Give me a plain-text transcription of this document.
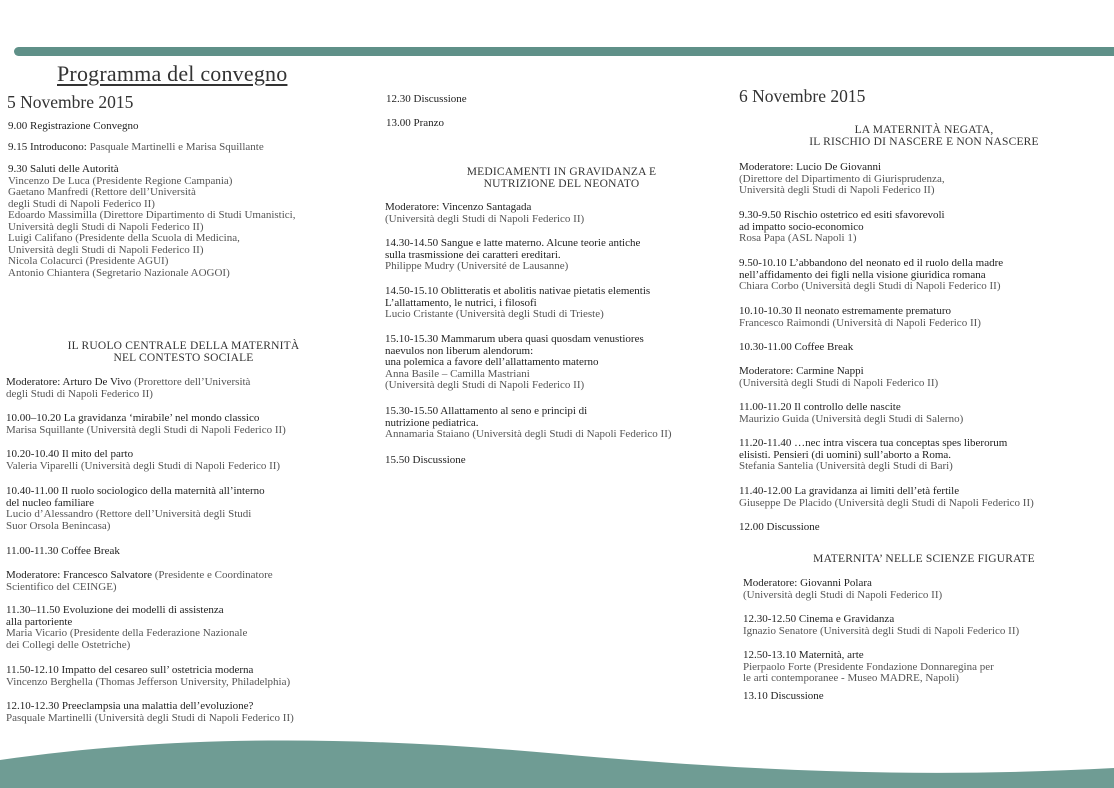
Programma del convegno
5 Novembre 2015
9.00 Registrazione Convegno
9.15 Introducono: Pasquale Martinelli e Marisa Squillante
9.30 Saluti delle Autorità
Vincenzo De Luca (Presidente Regione Campania)
Gaetano Manfredi (Rettore dell’Università
degli Studi di Napoli Federico II)
Edoardo Massimilla (Direttore Dipartimento di Studi Umanistici,
Università degli Studi di Napoli Federico II)
Luigi Califano (Presidente della Scuola di Medicina,
Università degli Studi di Napoli Federico II)
Nicola Colacurci (Presidente AGUI)
Antonio Chiantera (Segretario Nazionale AOGOI)
IL RUOLO CENTRALE DELLA MATERNITÀ
NEL CONTESTO SOCIALE
Moderatore: Arturo De Vivo (Prorettore dell’Università
degli Studi di Napoli Federico II)
10.00–10.20 La gravidanza ‘mirabile’ nel mondo classico
Marisa Squillante (Università degli Studi di Napoli Federico II)
10.20-10.40 Il mito del parto
Valeria Viparelli (Università degli Studi di Napoli Federico II)
10.40-11.00 Il ruolo sociologico della maternità all’interno
del nucleo familiare
Lucio d’Alessandro (Rettore dell’Università degli Studi
Suor Orsola Benincasa)
11.00-11.30 Coffee Break
Moderatore: Francesco Salvatore (Presidente e Coordinatore
Scientifico del CEINGE)
11.30–11.50 Evoluzione dei modelli di assistenza
alla partoriente
Maria Vicario (Presidente della Federazione Nazionale
dei Collegi delle Ostetriche)
11.50-12.10 Impatto del cesareo sull’ ostetricia moderna
Vincenzo Berghella (Thomas Jefferson University, Philadelphia)
12.10-12.30 Preeclampsia una malattia dell’evoluzione?
Pasquale Martinelli (Università degli Studi di Napoli Federico II)
12.30 Discussione
13.00 Pranzo
MEDICAMENTI IN GRAVIDANZA E
NUTRIZIONE DEL NEONATO
Moderatore: Vincenzo Santagada
(Università degli Studi di Napoli Federico II)
14.30-14.50 Sangue e latte materno. Alcune teorie antiche
sulla trasmissione dei caratteri ereditari.
Philippe Mudry (Université de Lausanne)
14.50-15.10 Oblitteratis et abolitis nativae pietatis elementis
L’allattamento, le nutrici, i filosofi
Lucio Cristante (Università degli Studi di Trieste)
15.10-15.30 Mammarum ubera quasi quosdam venustiores
naevulos non liberum alendorum:
una polemica a favore dell’allattamento materno
Anna Basile – Camilla Mastriani
(Università degli Studi di Napoli Federico II)
15.30-15.50 Allattamento al seno e principi di
nutrizione pediatrica.
Annamaria Staiano (Università degli Studi di Napoli Federico II)
15.50 Discussione
6 Novembre 2015
LA MATERNITÀ NEGATA,
IL RISCHIO DI NASCERE E NON NASCERE
Moderatore: Lucio De Giovanni
(Direttore del Dipartimento di Giurisprudenza,
Università degli Studi di Napoli Federico II)
9.30-9.50 Rischio ostetrico ed esiti sfavorevoli
ad impatto socio-economico
Rosa Papa (ASL Napoli 1)
9.50-10.10 L’abbandono del neonato ed il ruolo della madre
nell’affidamento dei figli nella visione giuridica romana
Chiara Corbo (Università degli Studi di Napoli Federico II)
10.10-10.30 Il neonato estremamente prematuro
Francesco Raimondi (Università di Napoli Federico II)
10.30-11.00 Coffee Break
Moderatore: Carmine Nappi
(Università degli Studi di Napoli Federico II)
11.00-11.20 Il controllo delle nascite
Maurizio Guida (Università degli Studi di Salerno)
11.20-11.40 …nec intra viscera tua conceptas spes liberorum
elisisti. Pensieri (di uomini) sull’aborto a Roma.
Stefania Santelia (Università degli Studi di Bari)
11.40-12.00 La gravidanza ai limiti dell’età fertile
Giuseppe De Placido (Università degli Studi di Napoli Federico II)
12.00 Discussione
MATERNITA’ NELLE SCIENZE FIGURATE
Moderatore: Giovanni Polara
(Università degli Studi di Napoli Federico II)
12.30-12.50 Cinema e Gravidanza
Ignazio Senatore (Università degli Studi di Napoli Federico II)
12.50-13.10 Maternità, arte
Pierpaolo Forte (Presidente Fondazione Donnaregina per
le arti contemporanee - Museo MADRE, Napoli)
13.10 Discussione
